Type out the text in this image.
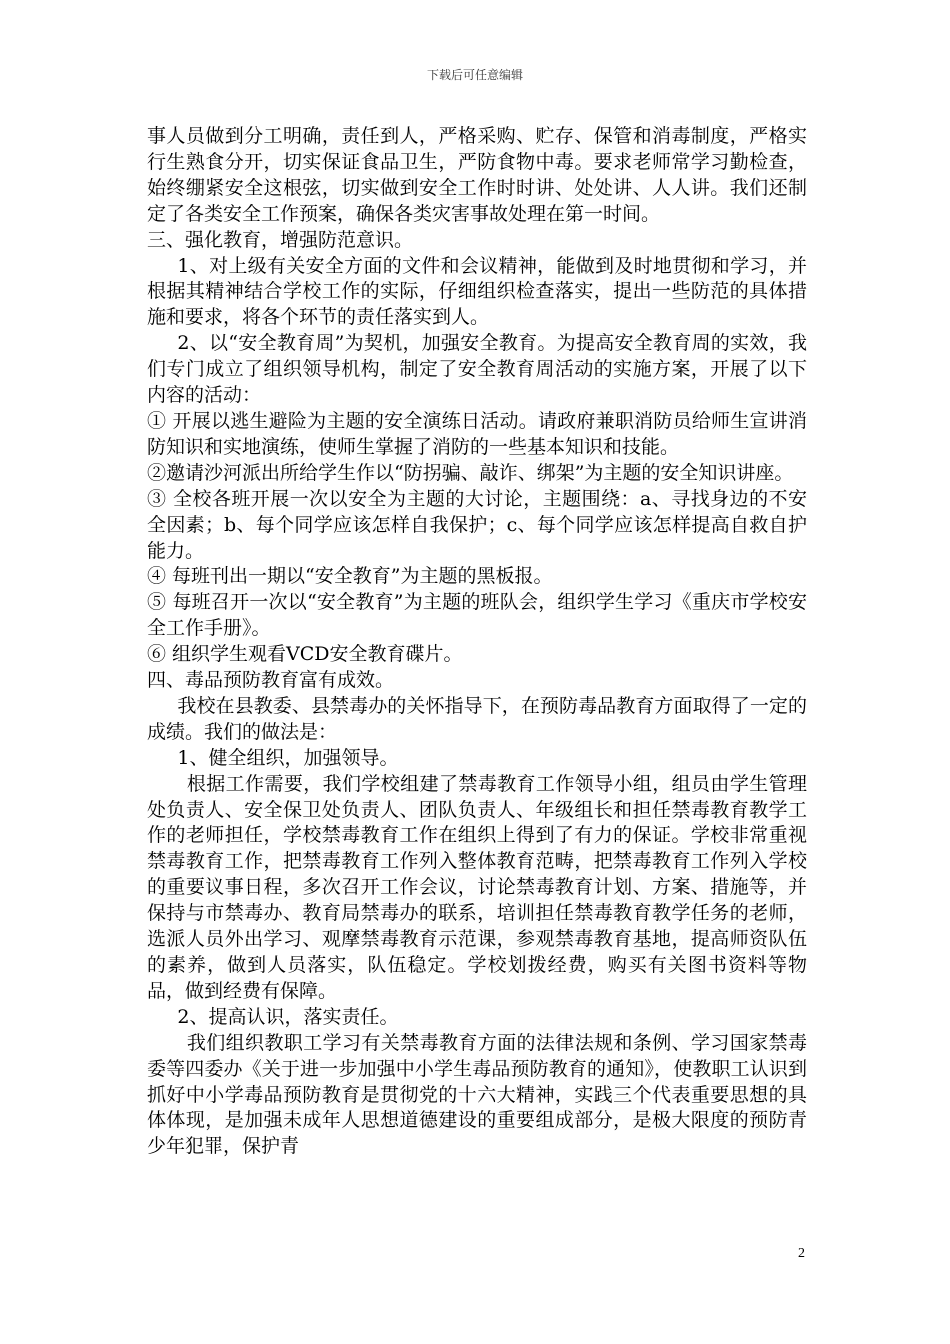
下载后可任意编辑

事人员做到分工明确，责任到人，严格采购、贮存、保管和消毒制度，严格实行生熟食分开，切实保证食品卫生，严防食物中毒。要求老师常学习勤检查，始终绷紧安全这根弦，切实做到安全工作时时讲、处处讲、人人讲。我们还制定了各类安全工作预案，确保各类灾害事故处理在第一时间。

三、强化教育，增强防范意识。

1、对上级有关安全方面的文件和会议精神，能做到及时地贯彻和学习，并根据其精神结合学校工作的实际，仔细组织检查落实，提出一些防范的具体措施和要求，将各个环节的责任落实到人。

2、以“安全教育周”为契机，加强安全教育。为提高安全教育周的实效，我们专门成立了组织领导机构，制定了安全教育周活动的实施方案，开展了以下内容的活动：

① 开展以逃生避险为主题的安全演练日活动。请政府兼职消防员给师生宣讲消防知识和实地演练，使师生掌握了消防的一些基本知识和技能。

②邀请沙河派出所给学生作以“防拐骗、敲诈、绑架”为主题的安全知识讲座。

③ 全校各班开展一次以安全为主题的大讨论，主题围绕：a、寻找身边的不安全因素；b、每个同学应该怎样自我保护；c、每个同学应该怎样提高自救自护能力。

④ 每班刊出一期以“安全教育”为主题的黑板报。

⑤ 每班召开一次以“安全教育”为主题的班队会，组织学生学习《重庆市学校安全工作手册》。

⑥ 组织学生观看VCD安全教育碟片。

四、毒品预防教育富有成效。

我校在县教委、县禁毒办的关怀指导下，在预防毒品教育方面取得了一定的成绩。我们的做法是：

1、健全组织，加强领导。

根据工作需要，我们学校组建了禁毒教育工作领导小组，组员由学生管理处负责人、安全保卫处负责人、团队负责人、年级组长和担任禁毒教育教学工作的老师担任，学校禁毒教育工作在组织上得到了有力的保证。学校非常重视禁毒教育工作，把禁毒教育工作列入整体教育范畴，把禁毒教育工作列入学校的重要议事日程，多次召开工作会议，讨论禁毒教育计划、方案、措施等，并保持与市禁毒办、教育局禁毒办的联系，培训担任禁毒教育教学任务的老师，选派人员外出学习、观摩禁毒教育示范课，参观禁毒教育基地，提高师资队伍的素养，做到人员落实，队伍稳定。学校划拨经费，购买有关图书资料等物品，做到经费有保障。

2、提高认识，落实责任。

我们组织教职工学习有关禁毒教育方面的法律法规和条例、学习国家禁毒委等四委办《关于进一步加强中小学生毒品预防教育的通知》，使教职工认识到抓好中小学毒品预防教育是贯彻党的十六大精神，实践三个代表重要思想的具体体现，是加强未成年人思想道德建设的重要组成部分，是极大限度的预防青少年犯罪，保护青

2
